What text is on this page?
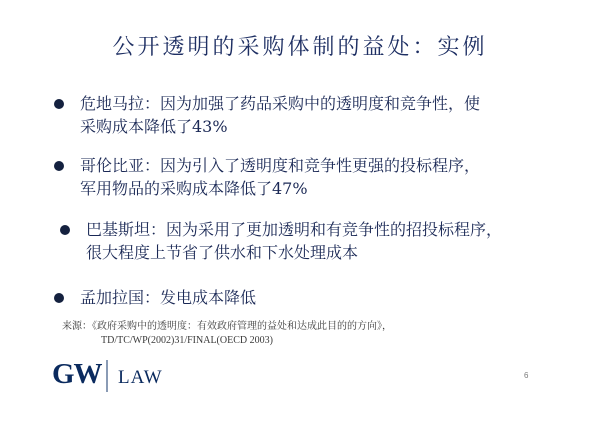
公开透明的采购体制的益处：实例
危地马拉：因为加强了药品采购中的透明度和竞争性，使
采购成本降低了43%
哥伦比亚：因为引入了透明度和竞争性更强的投标程序，
军用物品的采购成本降低了47%
巴基斯坦：因为采用了更加透明和有竞争性的招投标程序，
很大程度上节省了供水和下水处理成本
孟加拉国：发电成本降低
来源：《政府采购中的透明度：有效政府管理的益处和达成此目的的方向》，
TD/TC/WP(2002)31/FINAL(OECD 2003)
GW LAW	6
